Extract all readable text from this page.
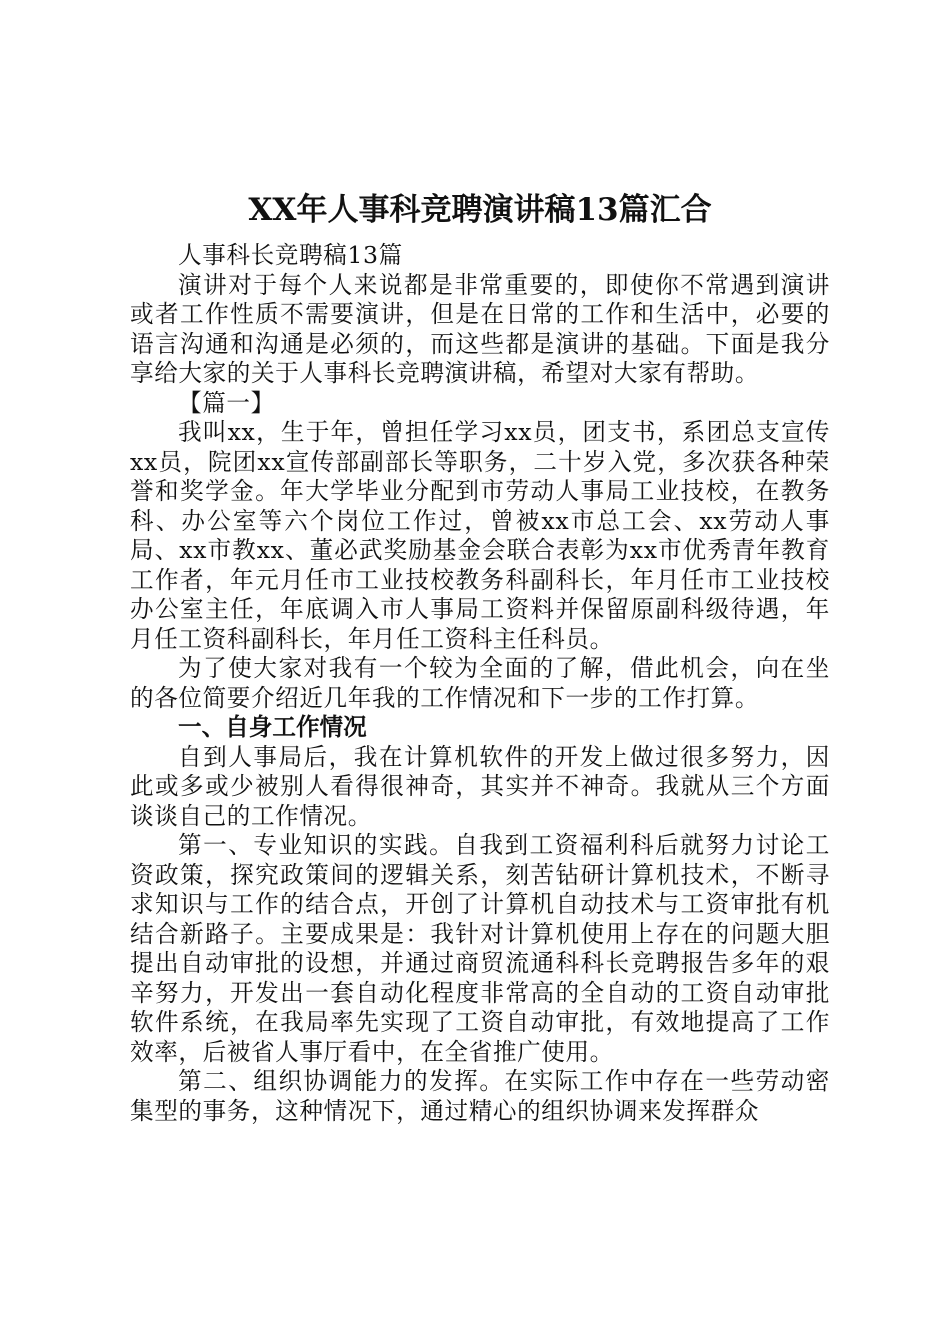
XX年人事科竞聘演讲稿13篇汇合

人事科长竞聘稿13篇

演讲对于每个人来说都是非常重要的，即使你不常遇到演讲或者工作性质不需要演讲，但是在日常的工作和生活中，必要的语言沟通和沟通是必须的，而这些都是演讲的基础。下面是我分享给大家的关于人事科长竞聘演讲稿，希望对大家有帮助。

【篇一】

我叫xx，生于年，曾担任学习xx员，团支书，系团总支宣传xx员，院团xx宣传部副部长等职务，二十岁入党，多次获各种荣誉和奖学金。年大学毕业分配到市劳动人事局工业技校，在教务科、办公室等六个岗位工作过，曾被xx市总工会、xx劳动人事局、xx市教xx、董必武奖励基金会联合表彰为xx市优秀青年教育工作者，年元月任市工业技校教务科副科长，年月任市工业技校办公室主任，年底调入市人事局工资料并保留原副科级待遇，年月任工资科副科长，年月任工资科主任科员。

为了使大家对我有一个较为全面的了解，借此机会，向在坐的各位简要介绍近几年我的工作情况和下一步的工作打算。

一、自身工作情况

自到人事局后，我在计算机软件的开发上做过很多努力，因此或多或少被别人看得很神奇，其实并不神奇。我就从三个方面谈谈自己的工作情况。

第一、专业知识的实践。自我到工资福利科后就努力讨论工资政策，探究政策间的逻辑关系，刻苦钻研计算机技术，不断寻求知识与工作的结合点，开创了计算机自动技术与工资审批有机结合新路子。主要成果是：我针对计算机使用上存在的问题大胆提出自动审批的设想，并通过商贸流通科科长竞聘报告多年的艰辛努力，开发出一套自动化程度非常高的全自动的工资自动审批软件系统，在我局率先实现了工资自动审批，有效地提高了工作效率，后被省人事厅看中，在全省推广使用。

第二、组织协调能力的发挥。在实际工作中存在一些劳动密集型的事务，这种情况下，通过精心的组织协调来发挥群众
